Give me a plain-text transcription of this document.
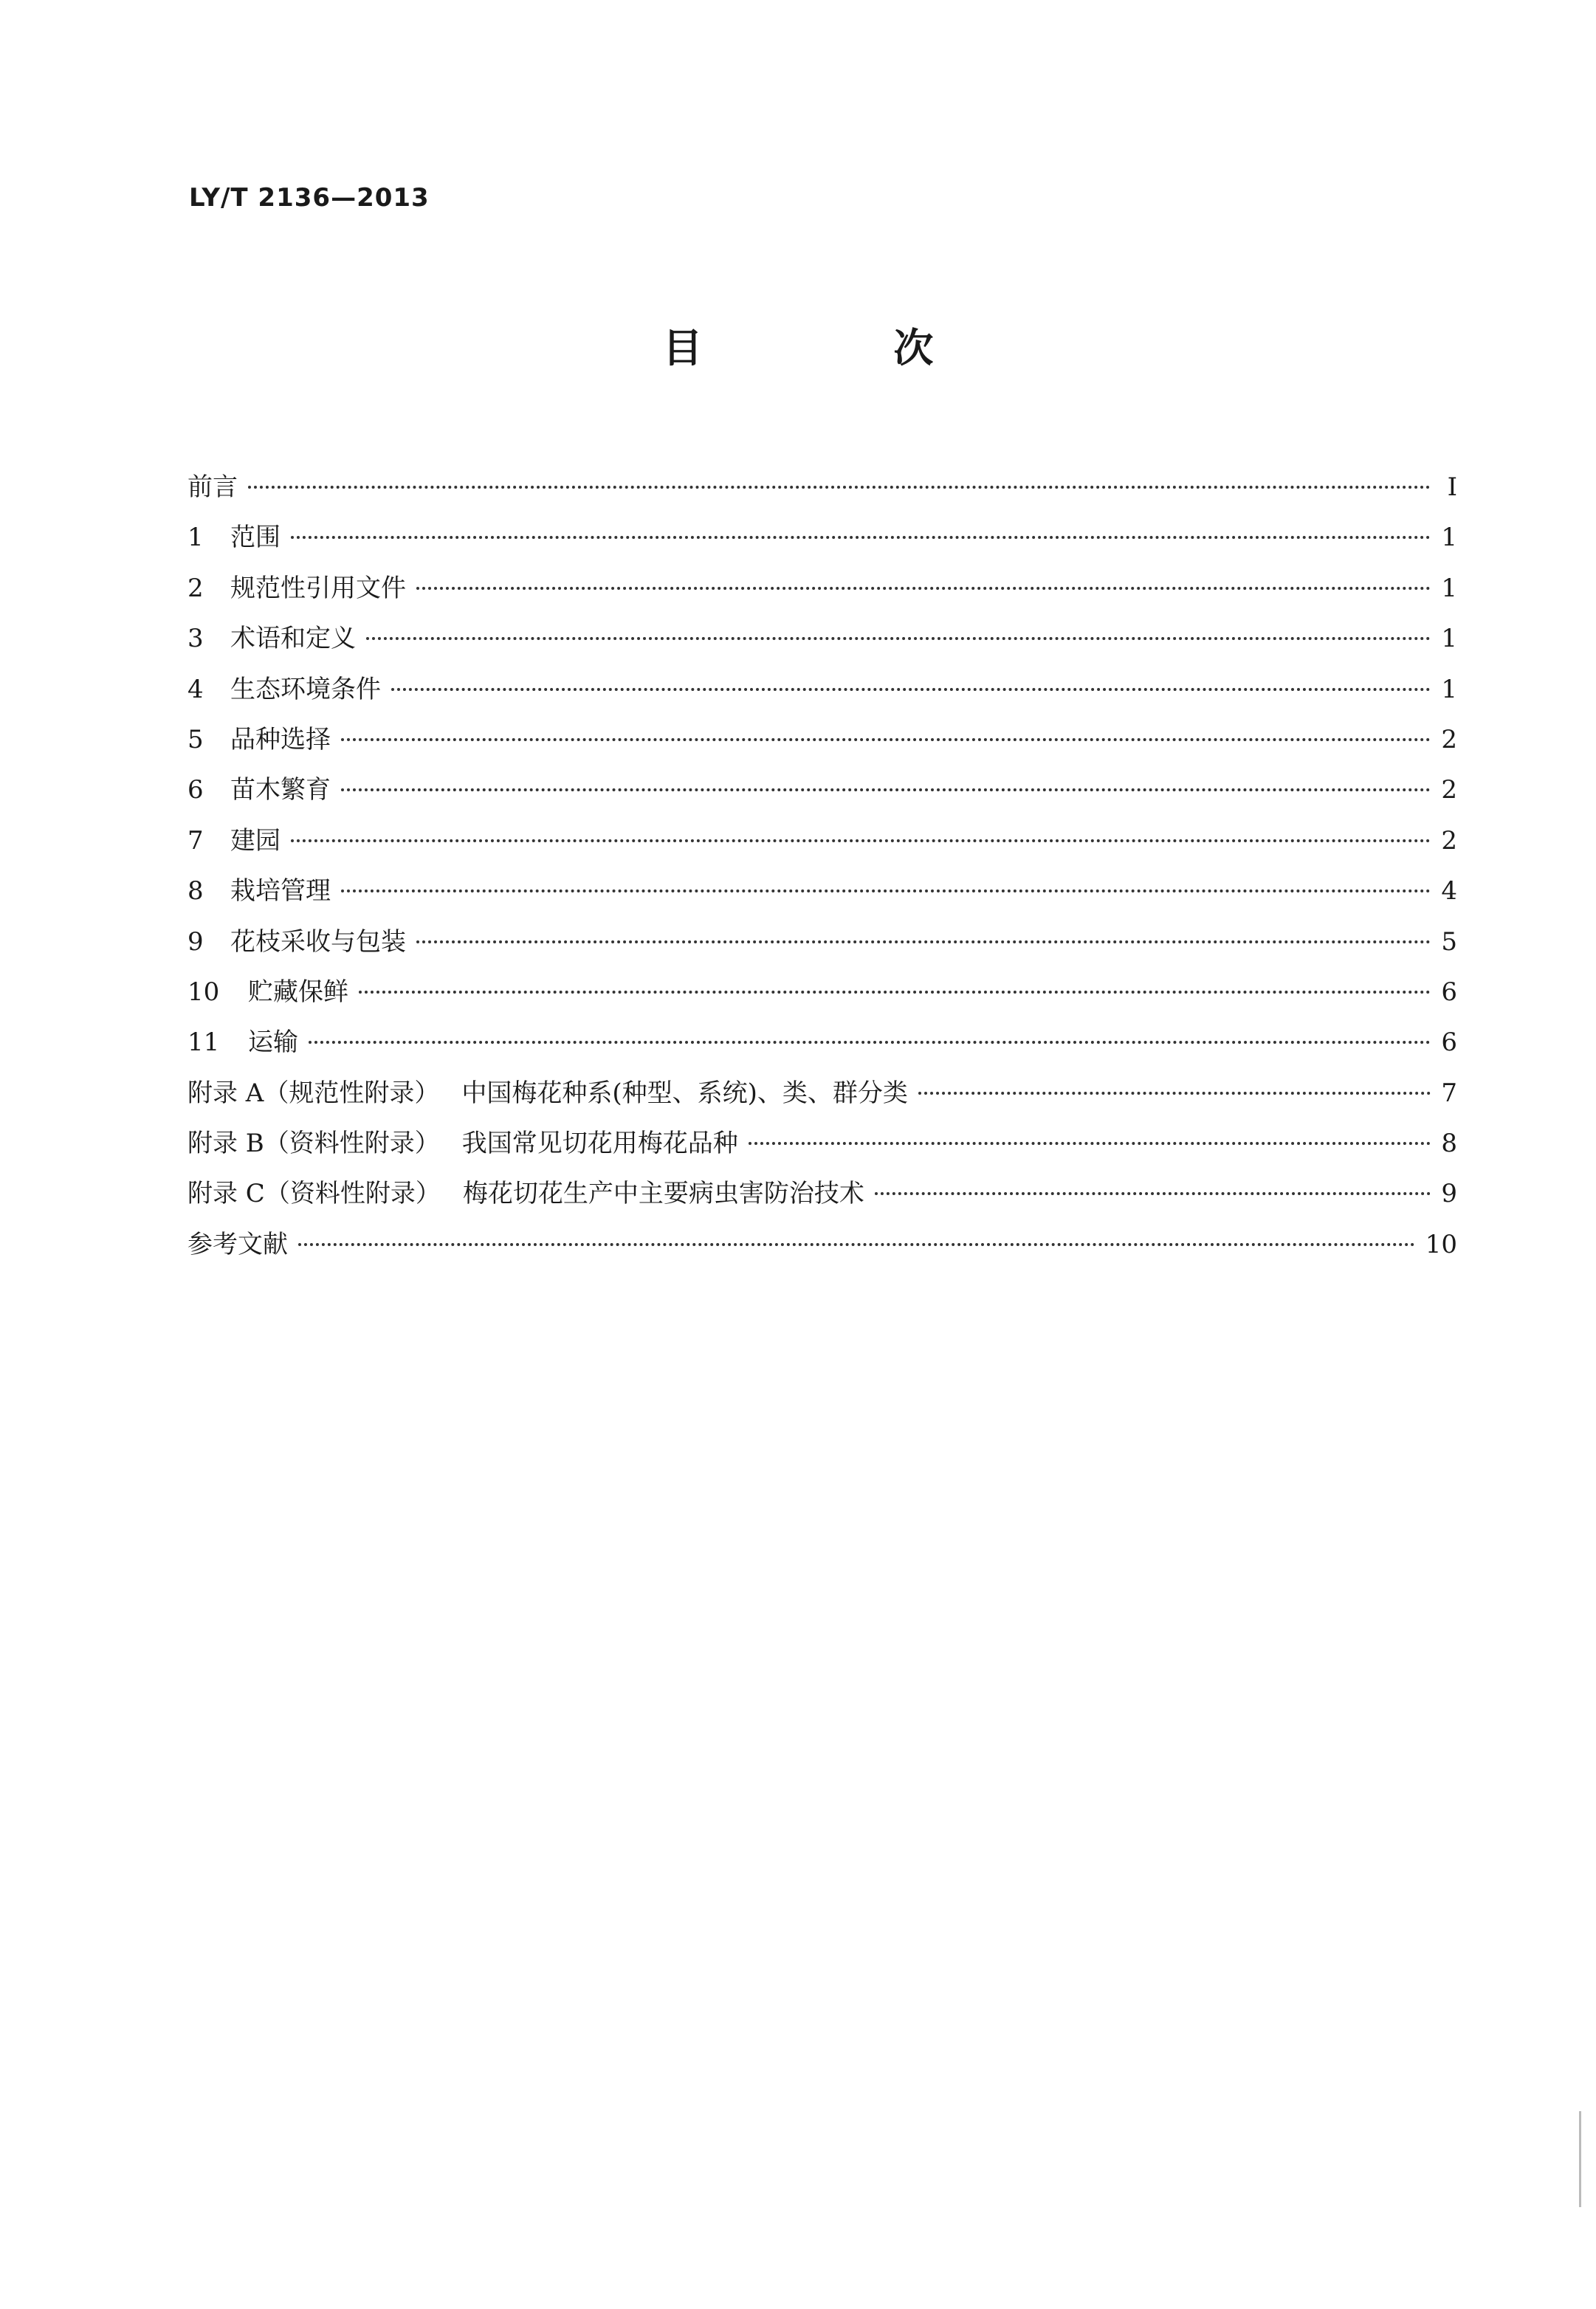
LY/T 2136—2013
目 次
前言	Ⅰ
1 范围	1
2 规范性引用文件	1
3 术语和定义	1
4 生态环境条件	1
5 品种选择	2
6 苗木繁育	2
7 建园	2
8 栽培管理	4
9 花枝采收与包装	5
10 贮藏保鲜	6
11 运输	6
附录 A（规范性附录） 中国梅花种系(种型、系统)、类、群分类	7
附录 B（资料性附录） 我国常见切花用梅花品种	8
附录 C（资料性附录） 梅花切花生产中主要病虫害防治技术	9
参考文献	10
